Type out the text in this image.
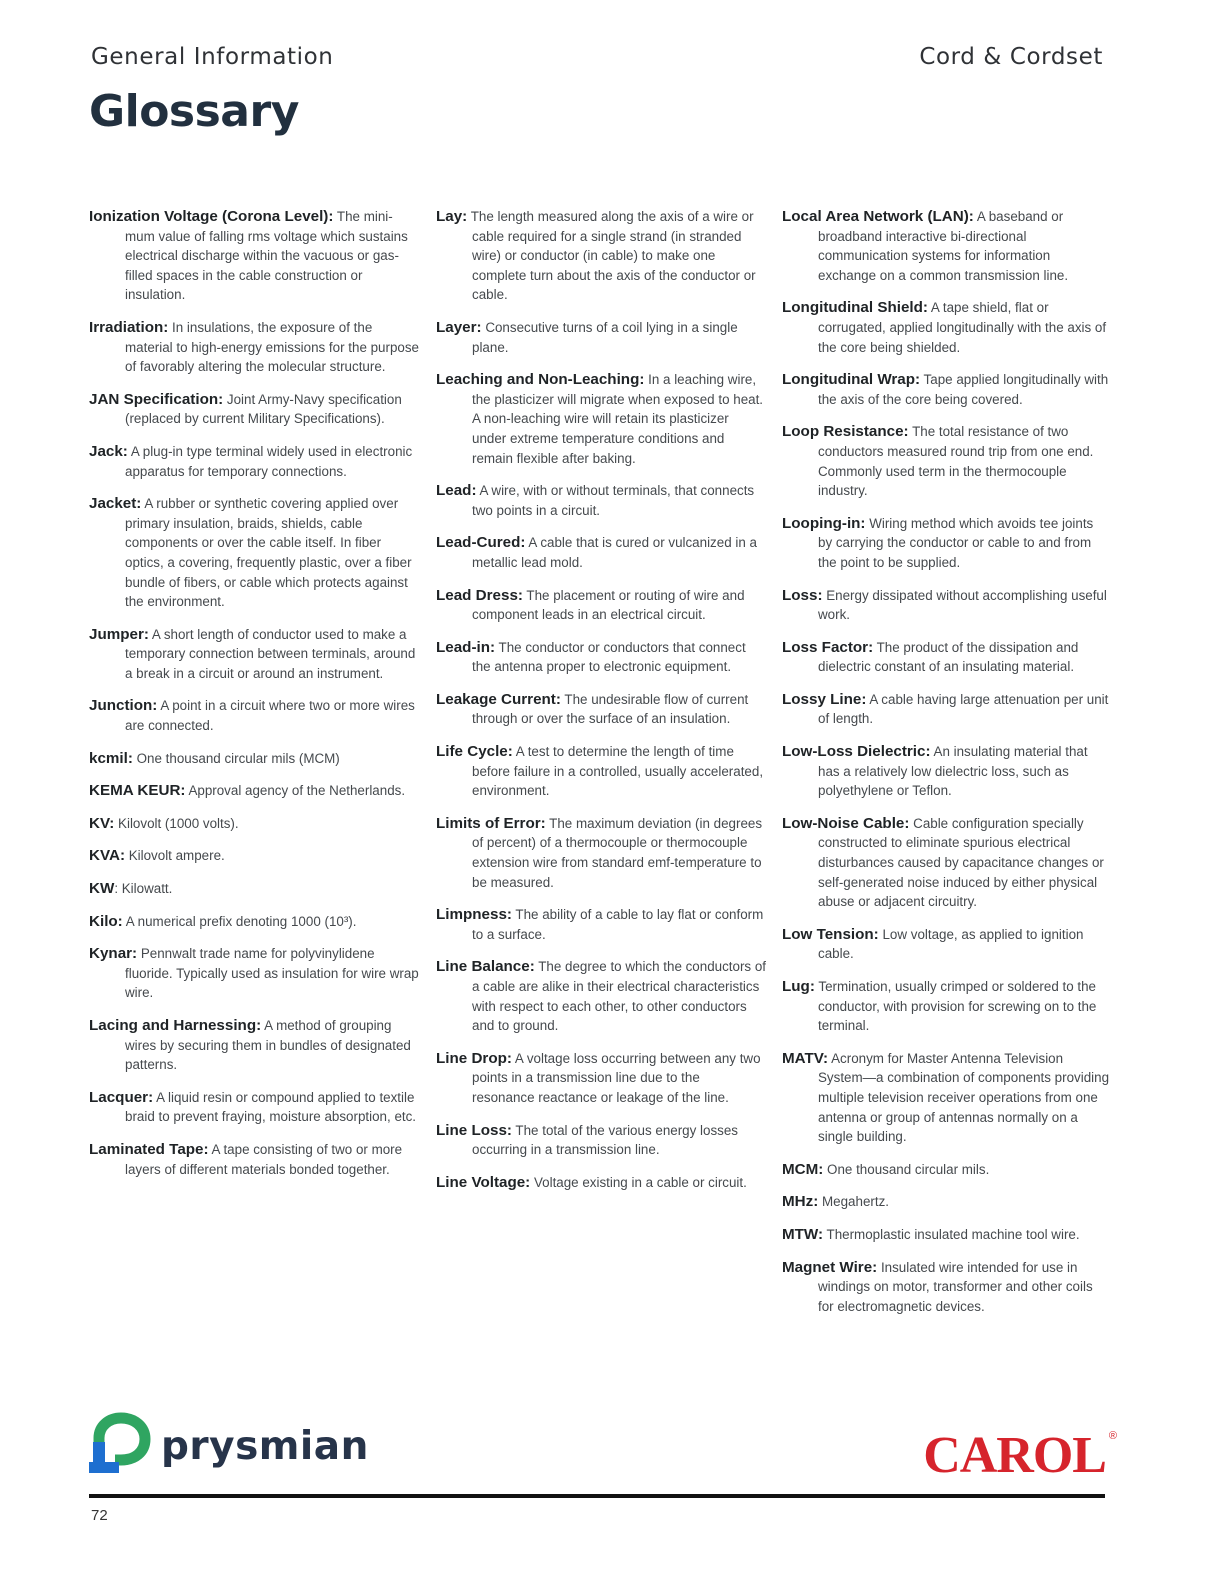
General Information	Cord & Cordset
Glossary

Ionization Voltage (Corona Level): The mini-mum value of falling rms voltage which sustains electrical discharge within the vacuous or gas-filled spaces in the cable construction or insulation.

Irradiation: In insulations, the exposure of the material to high-energy emissions for the purpose of favorably altering the molecular structure.

JAN Specification: Joint Army-Navy specification (replaced by current Military Specifications).

Jack: A plug-in type terminal widely used in electronic apparatus for temporary connections.

Jacket: A rubber or synthetic covering applied over primary insulation, braids, shields, cable components or over the cable itself. In fiber optics, a covering, frequently plastic, over a fiber bundle of fibers, or cable which protects against the environment.

Jumper: A short length of conductor used to make a temporary connection between terminals, around a break in a circuit or around an instrument.

Junction: A point in a circuit where two or more wires are connected.

kcmil: One thousand circular mils (MCM)

KEMA KEUR: Approval agency of the Netherlands.

KV: Kilovolt (1000 volts).

KVA: Kilovolt ampere.

KW: Kilowatt.

Kilo: A numerical prefix denoting 1000 (10³).

Kynar: Pennwalt trade name for polyvinylidene fluoride. Typically used as insulation for wire wrap wire.

Lacing and Harnessing: A method of grouping wires by securing them in bundles of designated patterns.

Lacquer: A liquid resin or compound applied to textile braid to prevent fraying, moisture absorption, etc.

Laminated Tape: A tape consisting of two or more layers of different materials bonded together.

Lay: The length measured along the axis of a wire or cable required for a single strand (in stranded wire) or conductor (in cable) to make one complete turn about the axis of the conductor or cable.

Layer: Consecutive turns of a coil lying in a single plane.

Leaching and Non-Leaching: In a leaching wire, the plasticizer will migrate when exposed to heat. A non-leaching wire will retain its plasticizer under extreme temperature conditions and remain flexible after baking.

Lead: A wire, with or without terminals, that connects two points in a circuit.

Lead-Cured: A cable that is cured or vulcanized in a metallic lead mold.

Lead Dress: The placement or routing of wire and component leads in an electrical circuit.

Lead-in: The conductor or conductors that connect the antenna proper to electronic equipment.

Leakage Current: The undesirable flow of current through or over the surface of an insulation.

Life Cycle: A test to determine the length of time before failure in a controlled, usually accelerated, environment.

Limits of Error: The maximum deviation (in degrees of percent) of a thermocouple or thermocouple extension wire from standard emf-temperature to be measured.

Limpness: The ability of a cable to lay flat or conform to a surface.

Line Balance: The degree to which the conductors of a cable are alike in their electrical characteristics with respect to each other, to other conductors and to ground.

Line Drop: A voltage loss occurring between any two points in a transmission line due to the resonance reactance or leakage of the line.

Line Loss: The total of the various energy losses occurring in a transmission line.

Line Voltage: Voltage existing in a cable or circuit.

Local Area Network (LAN): A baseband or broadband interactive bi-directional communication systems for information exchange on a common transmission line.

Longitudinal Shield: A tape shield, flat or corrugated, applied longitudinally with the axis of the core being shielded.

Longitudinal Wrap: Tape applied longitudinally with the axis of the core being covered.

Loop Resistance: The total resistance of two conductors measured round trip from one end. Commonly used term in the thermocouple industry.

Looping-in: Wiring method which avoids tee joints by carrying the conductor or cable to and from the point to be supplied.

Loss: Energy dissipated without accomplishing useful work.

Loss Factor: The product of the dissipation and dielectric constant of an insulating material.

Lossy Line: A cable having large attenuation per unit of length.

Low-Loss Dielectric: An insulating material that has a relatively low dielectric loss, such as polyethylene or Teflon.

Low-Noise Cable: Cable configuration specially constructed to eliminate spurious electrical disturbances caused by capacitance changes or self-generated noise induced by either physical abuse or adjacent circuitry.

Low Tension: Low voltage, as applied to ignition cable.

Lug: Termination, usually crimped or soldered to the conductor, with provision for screwing on to the terminal.

MATV: Acronym for Master Antenna Television System—a combination of components providing multiple television receiver operations from one antenna or group of antennas normally on a single building.

MCM: One thousand circular mils.

MHz: Megahertz.

MTW: Thermoplastic insulated machine tool wire.

Magnet Wire: Insulated wire intended for use in windings on motor, transformer and other coils for electromagnetic devices.

prysmian	CAROL ®
72
